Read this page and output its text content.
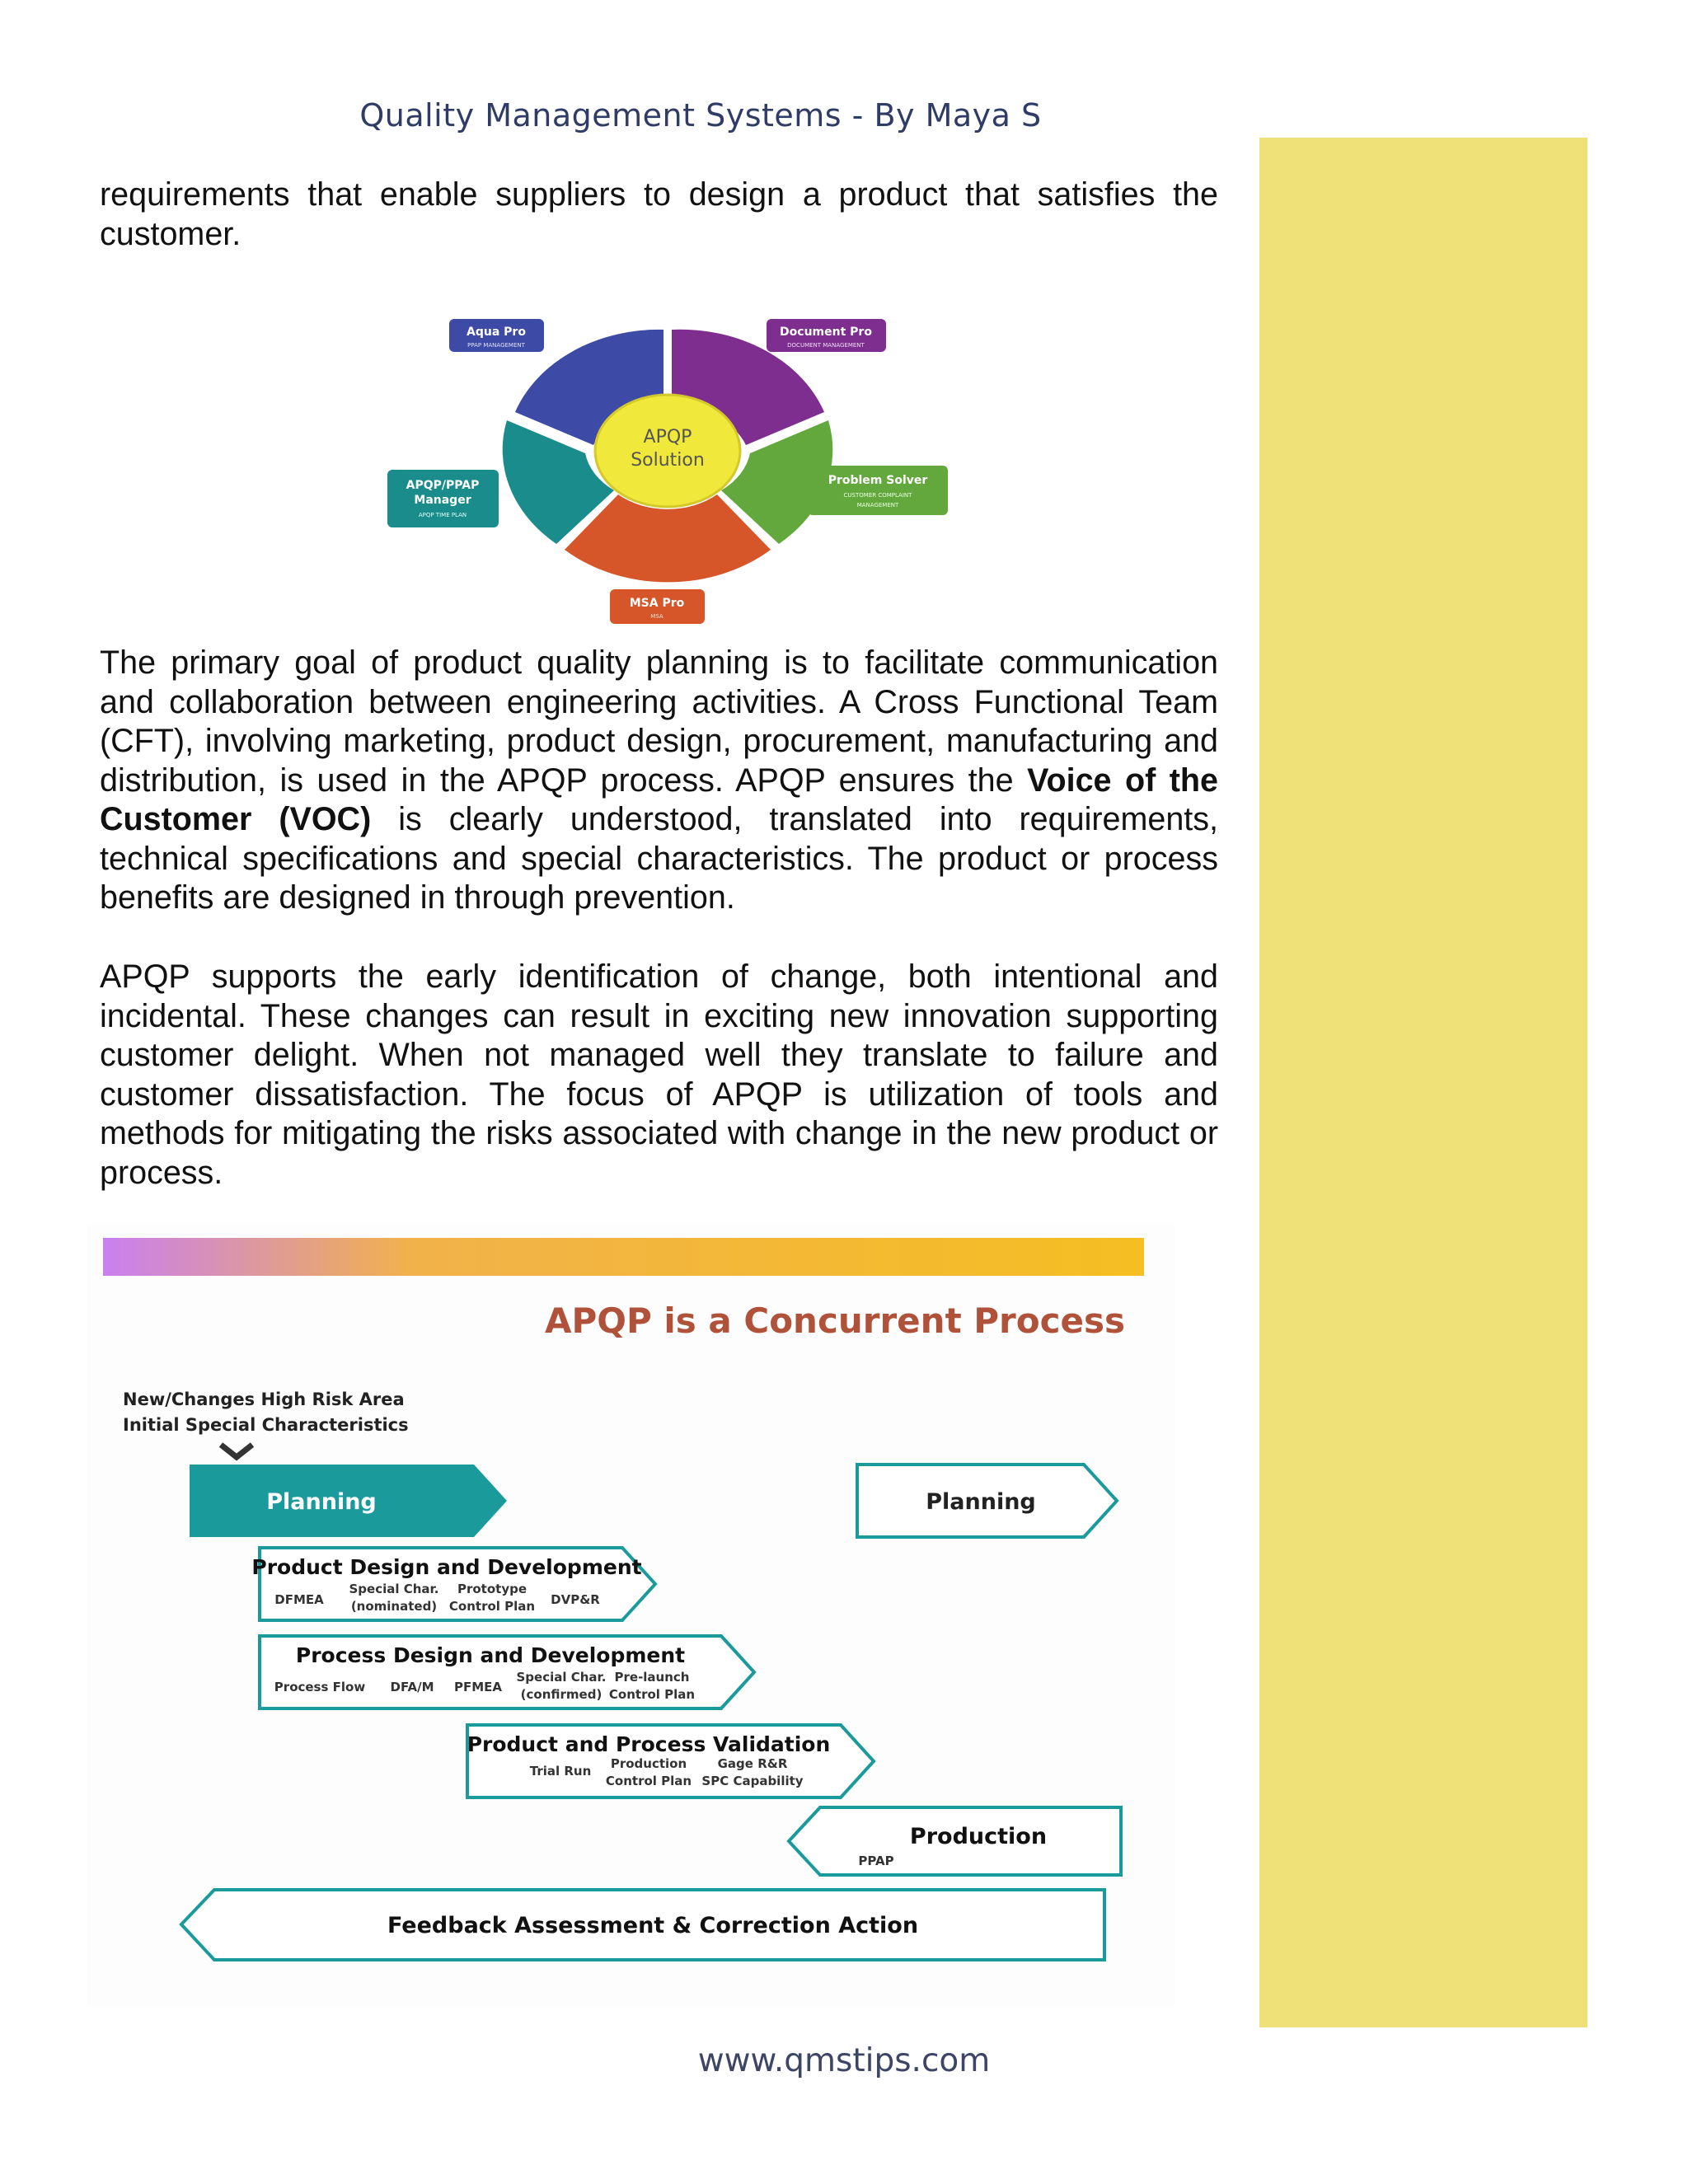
Quality Management Systems - By Maya S

requirements that enable suppliers to design a product that satisfies the customer.

APQP
Solution
Aqua Pro
PPAP MANAGEMENT
Document Pro
DOCUMENT MANAGEMENT
Problem Solver
CUSTOMER COMPLAINT
MANAGEMENT
APQP/PPAP
Manager
APQP TIME PLAN
MSA Pro
MSA

The primary goal of product quality planning is to facilitate communication and collaboration between engineering activities. A Cross Functional Team (CFT), involving marketing, product design, procurement, manufacturing and distribution, is used in the APQP process. APQP ensures the Voice of the Customer (VOC) is clearly understood, translated into requirements, technical specifications and special characteristics. The product or process benefits are designed in through prevention.

APQP supports the early identification of change, both intentional and incidental. These changes can result in exciting new innovation supporting customer delight. When not managed well they translate to failure and customer dissatisfaction. The focus of APQP is utilization of tools and methods for mitigating the risks associated with change in the new product or process.

APQP is a Concurrent Process
New/Changes High Risk Area
Initial Special Characteristics
Planning	Planning
Product Design and Development
DFMEA
Special Char.
(nominated)
Prototype
Control Plan DVP&R
Process Design and Development
Process Flow DFA/M PFMEA
Special Char.
(confirmed)
Pre-launch
Control Plan
Product and Process Validation
Trial Run Production
Control Plan
Gage R&R
SPC Capability
Production
PPAP
Feedback Assessment & Correction Action
www.qmstips.com
